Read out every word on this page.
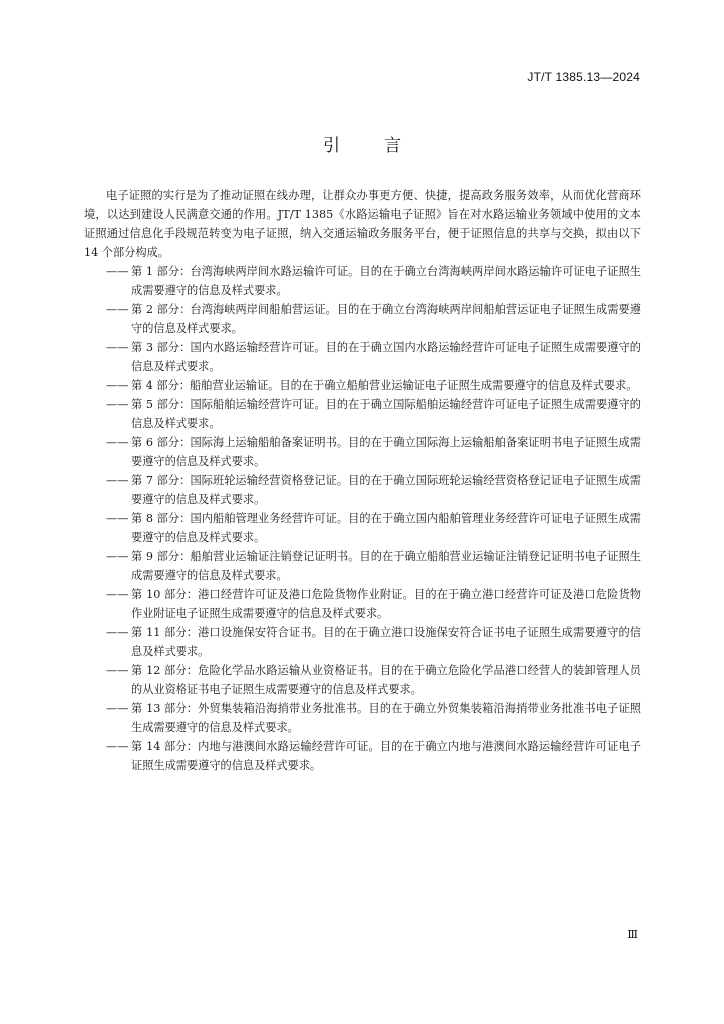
JT/T 1385.13—2024
引言

电子证照的实行是为了推动证照在线办理，让群众办事更方便、快捷，提高政务服务效率，从而优化营商环境，以达到建设人民满意交通的作用。JT/T 1385《水路运输电子证照》旨在对水路运输业务领域中使用的文本证照通过信息化手段规范转变为电子证照，纳入交通运输政务服务平台，便于证照信息的共享与交换，拟由以下 14 个部分构成。

—— 第 1 部分：台湾海峡两岸间水路运输许可证。目的在于确立台湾海峡两岸间水路运输许可证电子证照生成需要遵守的信息及样式要求。
—— 第 2 部分：台湾海峡两岸间船舶营运证。目的在于确立台湾海峡两岸间船舶营运证电子证照生成需要遵守的信息及样式要求。
—— 第 3 部分：国内水路运输经营许可证。目的在于确立国内水路运输经营许可证电子证照生成需要遵守的信息及样式要求。
—— 第 4 部分：船舶营业运输证。目的在于确立船舶营业运输证电子证照生成需要遵守的信息及样式要求。
—— 第 5 部分：国际船舶运输经营许可证。目的在于确立国际船舶运输经营许可证电子证照生成需要遵守的信息及样式要求。
—— 第 6 部分：国际海上运输船舶备案证明书。目的在于确立国际海上运输船舶备案证明书电子证照生成需要遵守的信息及样式要求。
—— 第 7 部分：国际班轮运输经营资格登记证。目的在于确立国际班轮运输经营资格登记证电子证照生成需要遵守的信息及样式要求。
—— 第 8 部分：国内船舶管理业务经营许可证。目的在于确立国内船舶管理业务经营许可证电子证照生成需要遵守的信息及样式要求。
—— 第 9 部分：船舶营业运输证注销登记证明书。目的在于确立船舶营业运输证注销登记证明书电子证照生成需要遵守的信息及样式要求。
—— 第 10 部分：港口经营许可证及港口危险货物作业附证。目的在于确立港口经营许可证及港口危险货物作业附证电子证照生成需要遵守的信息及样式要求。
—— 第 11 部分：港口设施保安符合证书。目的在于确立港口设施保安符合证书电子证照生成需要遵守的信息及样式要求。
—— 第 12 部分：危险化学品水路运输从业资格证书。目的在于确立危险化学品港口经营人的装卸管理人员的从业资格证书电子证照生成需要遵守的信息及样式要求。
—— 第 13 部分：外贸集装箱沿海捎带业务批准书。目的在于确立外贸集装箱沿海捎带业务批准书电子证照生成需要遵守的信息及样式要求。
—— 第 14 部分：内地与港澳间水路运输经营许可证。目的在于确立内地与港澳间水路运输经营许可证电子证照生成需要遵守的信息及样式要求。
Ⅲ
